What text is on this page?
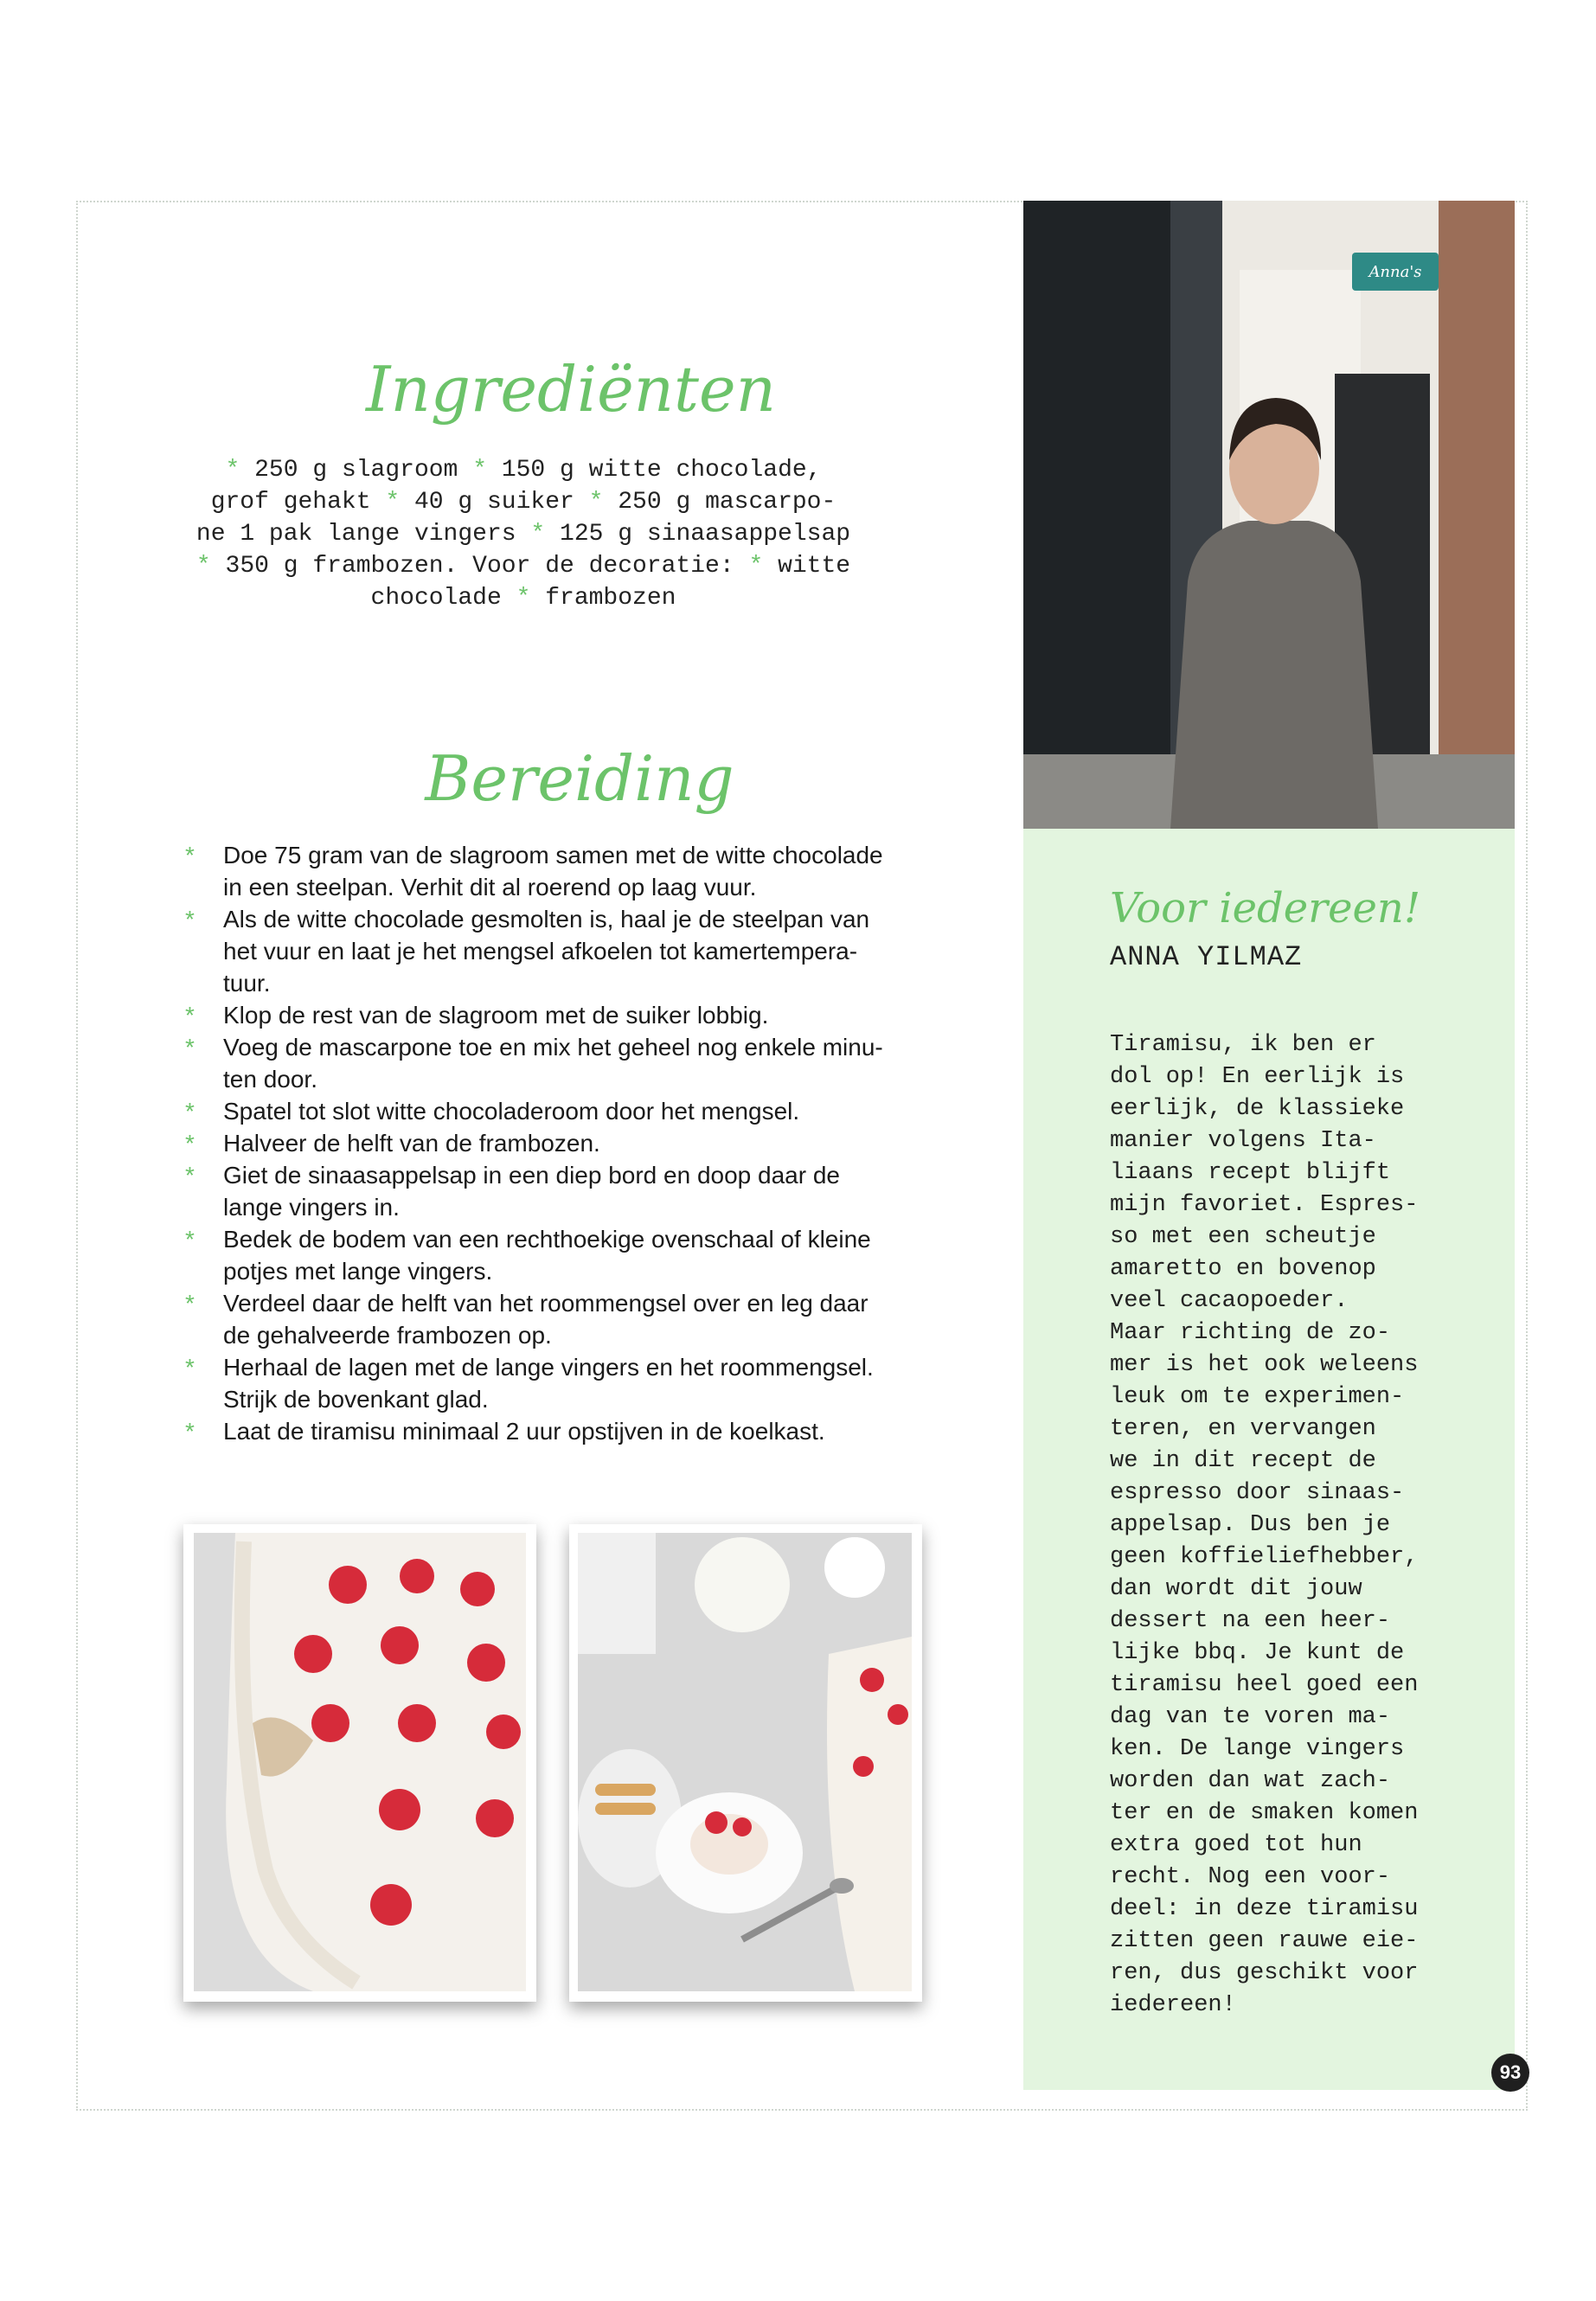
Ingrediënten
* 250 g slagroom * 150 g witte chocolade,
grof gehakt * 40 g suiker * 250 g mascarpo-
ne 1 pak lange vingers * 125 g sinaasappelsap
* 350 g frambozen. Voor de decoratie: * witte
chocolade * frambozen
Bereiding
* Doe 75 gram van de slagroom samen met de witte chocolade
in een steelpan. Verhit dit al roerend op laag vuur.
* Als de witte chocolade gesmolten is, haal je de steelpan van
het vuur en laat je het mengsel afkoelen tot kamertempera-
tuur.
* Klop de rest van de slagroom met de suiker lobbig.
* Voeg de mascarpone toe en mix het geheel nog enkele minu-
ten door.
* Spatel tot slot witte chocoladeroom door het mengsel.
* Halveer de helft van de frambozen.
* Giet de sinaasappelsap in een diep bord en doop daar de
lange vingers in.
* Bedek de bodem van een rechthoekige ovenschaal of kleine
potjes met lange vingers.
* Verdeel daar de helft van het roommengsel over en leg daar
de gehalveerde frambozen op.
* Herhaal de lagen met de lange vingers en het roommengsel.
Strijk de bovenkant glad.
* Laat de tiramisu minimaal 2 uur opstijven in de koelkast.
Anna's
Voor iedereen!
ANNA YILMAZ
Tiramisu, ik ben er
dol op! En eerlijk is
eerlijk, de klassieke
manier volgens Ita-
liaans recept blijft
mijn favoriet. Espres-
so met een scheutje
amaretto en bovenop
veel cacaopoeder.
Maar richting de zo-
mer is het ook weleens
leuk om te experimen-
teren, en vervangen
we in dit recept de
espresso door sinaas-
appelsap. Dus ben je
geen koffieliefhebber,
dan wordt dit jouw
dessert na een heer-
lijke bbq. Je kunt de
tiramisu heel goed een
dag van te voren ma-
ken. De lange vingers
worden dan wat zach-
ter en de smaken komen
extra goed tot hun
recht. Nog een voor-
deel: in deze tiramisu
zitten geen rauwe eie-
ren, dus geschikt voor
iedereen!
93
